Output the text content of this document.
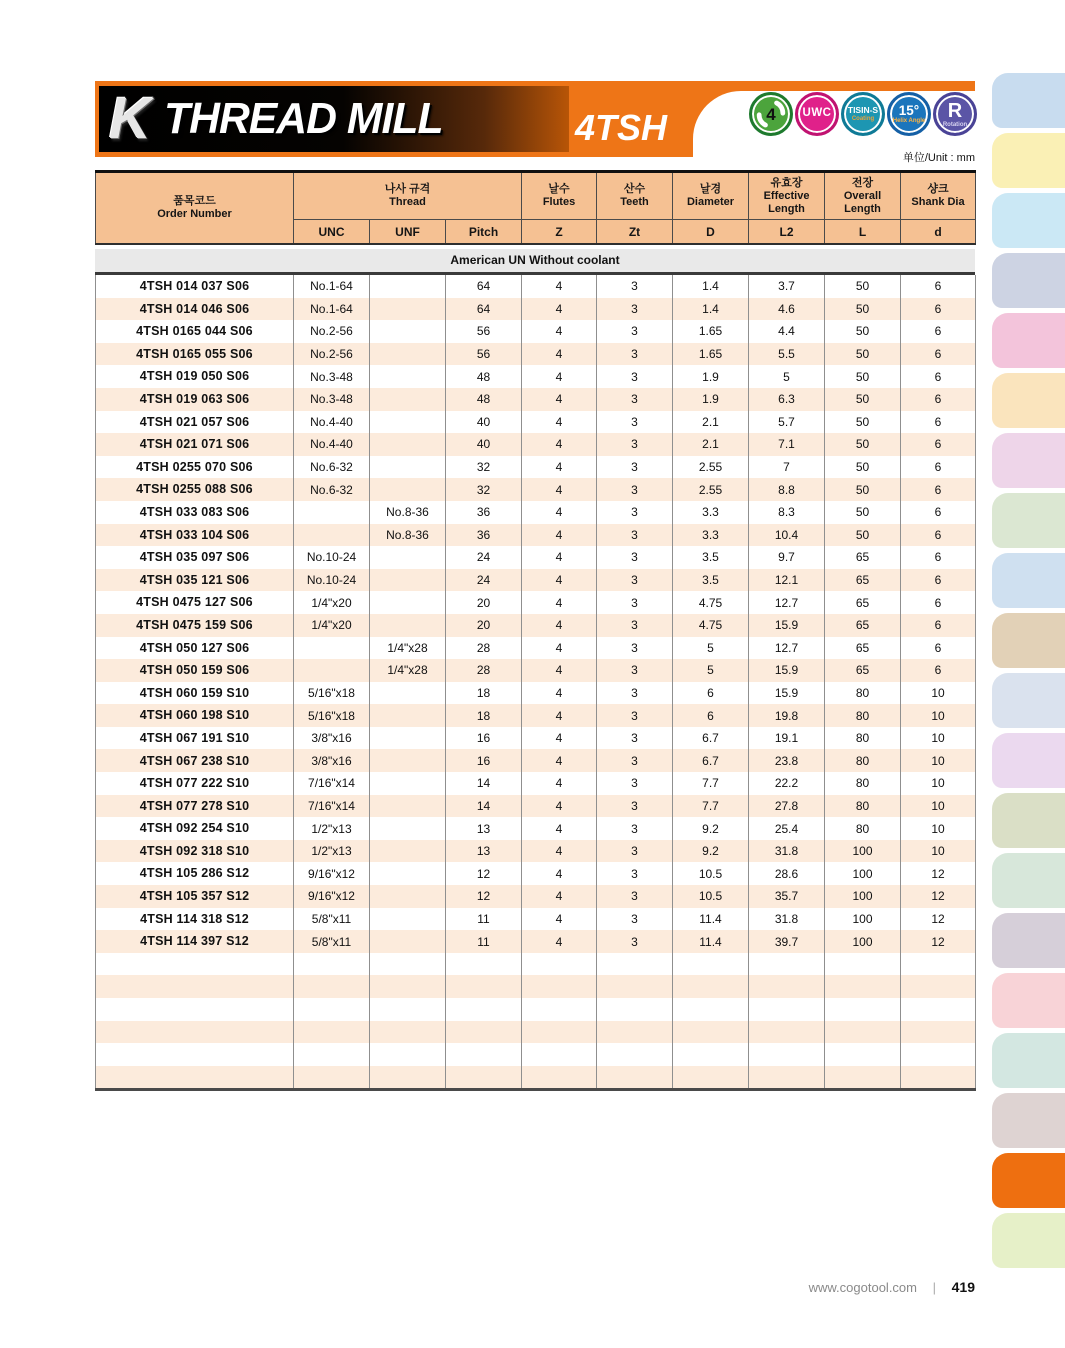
K THREAD MILL	4TSH	4 UWC TISIN-S
Coating
15°
Helix Angle R
Rotation
单位/Unit : mm
품목코드
Order Number

나사 규격
Thread

날수
Flutes

산수
Teeth

날경
Diameter

유효장
Effective Length

전장
Overall Length

샹크
Shank Dia

	UNC	UNF	Pitch	Z	Zt	D	L2	L	d
American UN Without coolant
4TSH 014 037 S06	No.1-64		64	4	3	1.4	3.7	50	6
4TSH 014 046 S06	No.1-64		64	4	3	1.4	4.6	50	6
4TSH 0165 044 S06	No.2-56		56	4	3	1.65	4.4	50	6
4TSH 0165 055 S06	No.2-56		56	4	3	1.65	5.5	50	6
4TSH 019 050 S06	No.3-48		48	4	3	1.9	5	50	6
4TSH 019 063 S06	No.3-48		48	4	3	1.9	6.3	50	6
4TSH 021 057 S06	No.4-40		40	4	3	2.1	5.7	50	6
4TSH 021 071 S06	No.4-40		40	4	3	2.1	7.1	50	6
4TSH 0255 070 S06	No.6-32		32	4	3	2.55	7	50	6
4TSH 0255 088 S06	No.6-32		32	4	3	2.55	8.8	50	6
4TSH 033 083 S06		No.8-36	36	4	3	3.3	8.3	50	6
4TSH 033 104 S06		No.8-36	36	4	3	3.3	10.4	50	6
4TSH 035 097 S06	No.10-24		24	4	3	3.5	9.7	65	6
4TSH 035 121 S06	No.10-24		24	4	3	3.5	12.1	65	6
4TSH 0475 127 S06	1/4"x20		20	4	3	4.75	12.7	65	6
4TSH 0475 159 S06	1/4"x20		20	4	3	4.75	15.9	65	6
4TSH 050 127 S06		1/4"x28	28	4	3	5	12.7	65	6
4TSH 050 159 S06		1/4"x28	28	4	3	5	15.9	65	6
4TSH 060 159 S10	5/16"x18		18	4	3	6	15.9	80	10
4TSH 060 198 S10	5/16"x18		18	4	3	6	19.8	80	10
4TSH 067 191 S10	3/8"x16		16	4	3	6.7	19.1	80	10
4TSH 067 238 S10	3/8"x16		16	4	3	6.7	23.8	80	10
4TSH 077 222 S10	7/16"x14		14	4	3	7.7	22.2	80	10
4TSH 077 278 S10	7/16"x14		14	4	3	7.7	27.8	80	10
4TSH 092 254 S10	1/2"x13		13	4	3	9.2	25.4	80	10
4TSH 092 318 S10	1/2"x13		13	4	3	9.2	31.8	100	10
4TSH 105 286 S12	9/16"x12		12	4	3	10.5	28.6	100	12
4TSH 105 357 S12	9/16"x12		12	4	3	10.5	35.7	100	12
4TSH 114 318 S12	5/8"x11		11	4	3	11.4	31.8	100	12
4TSH 114 397 S12	5/8"x11		11	4	3	11.4	39.7	100	12

www.cogotool.com | 419
